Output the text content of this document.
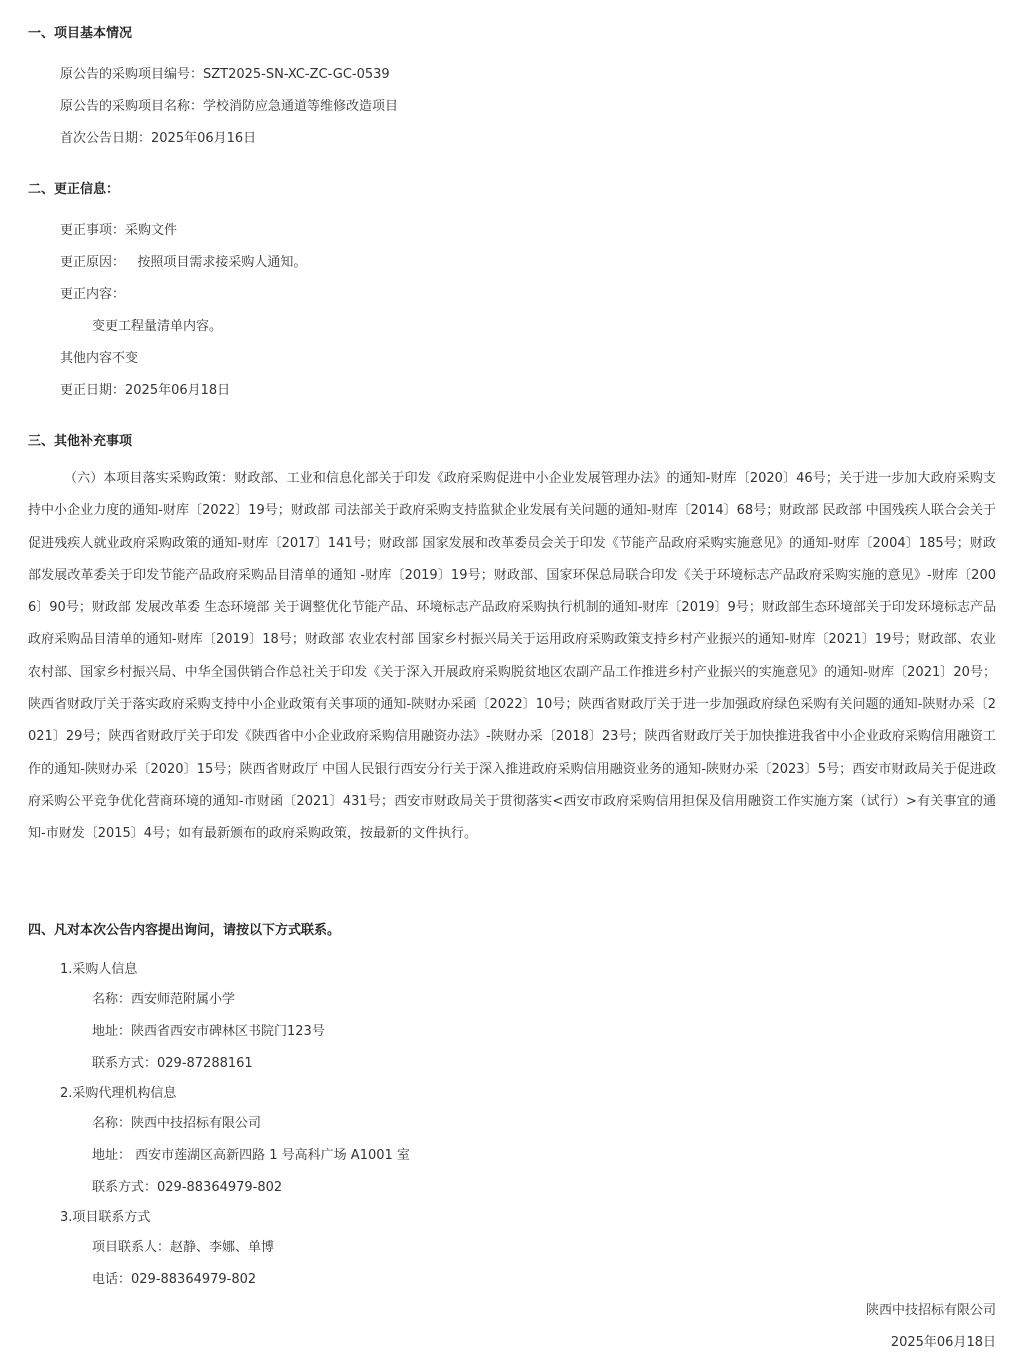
一、项目基本情况
原公告的采购项目编号：SZT2025-SN-XC-ZC-GC-0539
原公告的采购项目名称：学校消防应急通道等维修改造项目
首次公告日期：2025年06月16日
二、更正信息：
更正事项：采购文件
更正原因：   按照项目需求接采购人通知。
更正内容：
变更工程量清单内容。
其他内容不变
更正日期：2025年06月18日
三、其他补充事项
（六）本项目落实采购政策：财政部、工业和信息化部关于印发《政府采购促进中小企业发展管理办法》的通知-财库〔2020〕46号；关于进一步加大政府采购支持中小企业力度的通知-财库〔2022〕19号；财政部 司法部关于政府采购支持监狱企业发展有关问题的通知-财库〔2014〕68号；财政部 民政部 中国残疾人联合会关于促进残疾人就业政府采购政策的通知-财库〔2017〕141号；财政部 国家发展和改革委员会关于印发《节能产品政府采购实施意见》的通知-财库〔2004〕185号；财政部发展改革委关于印发节能产品政府采购品目清单的通知 -财库〔2019〕19号；财政部、国家环保总局联合印发《关于环境标志产品政府采购实施的意见》-财库〔2006〕90号；财政部 发展改革委 生态环境部 关于调整优化节能产品、环境标志产品政府采购执行机制的通知-财库〔2019〕9号；财政部生态环境部关于印发环境标志产品政府采购品目清单的通知-财库〔2019〕18号；财政部 农业农村部 国家乡村振兴局关于运用政府采购政策支持乡村产业振兴的通知-财库〔2021〕19号；财政部、农业农村部、国家乡村振兴局、中华全国供销合作总社关于印发《关于深入开展政府采购脱贫地区农副产品工作推进乡村产业振兴的实施意见》的通知-财库〔2021〕20号；陕西省财政厅关于落实政府采购支持中小企业政策有关事项的通知-陕财办采函〔2022〕10号；陕西省财政厅关于进一步加强政府绿色采购有关问题的通知-陕财办采〔2021〕29号；陕西省财政厅关于印发《陕西省中小企业政府采购信用融资办法》-陕财办采〔2018〕23号；陕西省财政厅关于加快推进我省中小企业政府采购信用融资工作的通知-陕财办采〔2020〕15号；陕西省财政厅 中国人民银行西安分行关于深入推进政府采购信用融资业务的通知-陕财办采〔2023〕5号；西安市财政局关于促进政府采购公平竞争优化营商环境的通知-市财函〔2021〕431号；西安市财政局关于贯彻落实<西安市政府采购信用担保及信用融资工作实施方案（试行）>有关事宜的通知-市财发〔2015〕4号；如有最新颁布的政府采购政策，按最新的文件执行。
四、凡对本次公告内容提出询问，请按以下方式联系。
1.采购人信息
名称：西安师范附属小学
地址：陕西省西安市碑林区书院门123号
联系方式：029-87288161
2.采购代理机构信息
名称：陕西中技招标有限公司
地址： 西安市莲湖区高新四路 1 号高科广场 A1001 室
联系方式：029-88364979-802
3.项目联系方式
项目联系人：赵静、李娜、单博
电话：029-88364979-802
陕西中技招标有限公司
2025年06月18日
